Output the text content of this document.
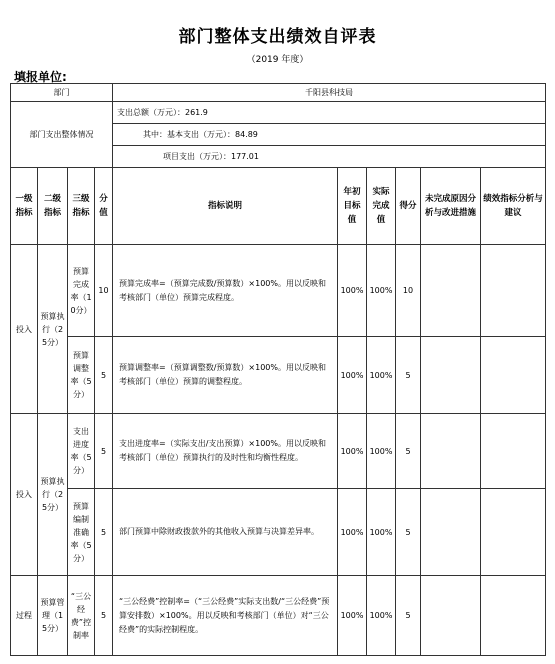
部门整体支出绩效自评表
（2019 年度）
填报单位:
部门				千阳县科技局					
部门支出整体情况				支出总额（万元）：261.9					
				其中：基本支出（万元）：84.89					
				项目支出（万元）：177.01					
一级指标	二级指标	三级指标	分值	指标说明	年初目标值	实际完成值	得分	未完成原因分析与改进措施	绩效指标分析与建议
投入	预算执行（25分）	预算完成率（10分）	10	预算完成率=（预算完成数/预算数）×100%。用以反映和考核部门（单位）预算完成程度。	100%	100%	10		
		预算调整率（5分）	5	预算调整率=（预算调整数/预算数）×100%。用以反映和考核部门（单位）预算的调整程度。	100%	100%	5		
投入	预算执行（25分）	支出进度率（5分）	5	支出进度率=（实际支出/支出预算）×100%。用以反映和考核部门（单位）预算执行的及时性和均衡性程度。	100%	100%	5		
		预算编制准确率（5分）	5	部门预算中除财政拨款外的其他收入预算与决算差异率。	100%	100%	5		
过程	预算管理（15分）	“三公经费”控制率	5	“三公经费”控制率=（“三公经费”实际支出数/“三公经费”预算安排数）×100%。用以反映和考核部门（单位）对“三公经费”的实际控制程度。	100%	100%	5		
